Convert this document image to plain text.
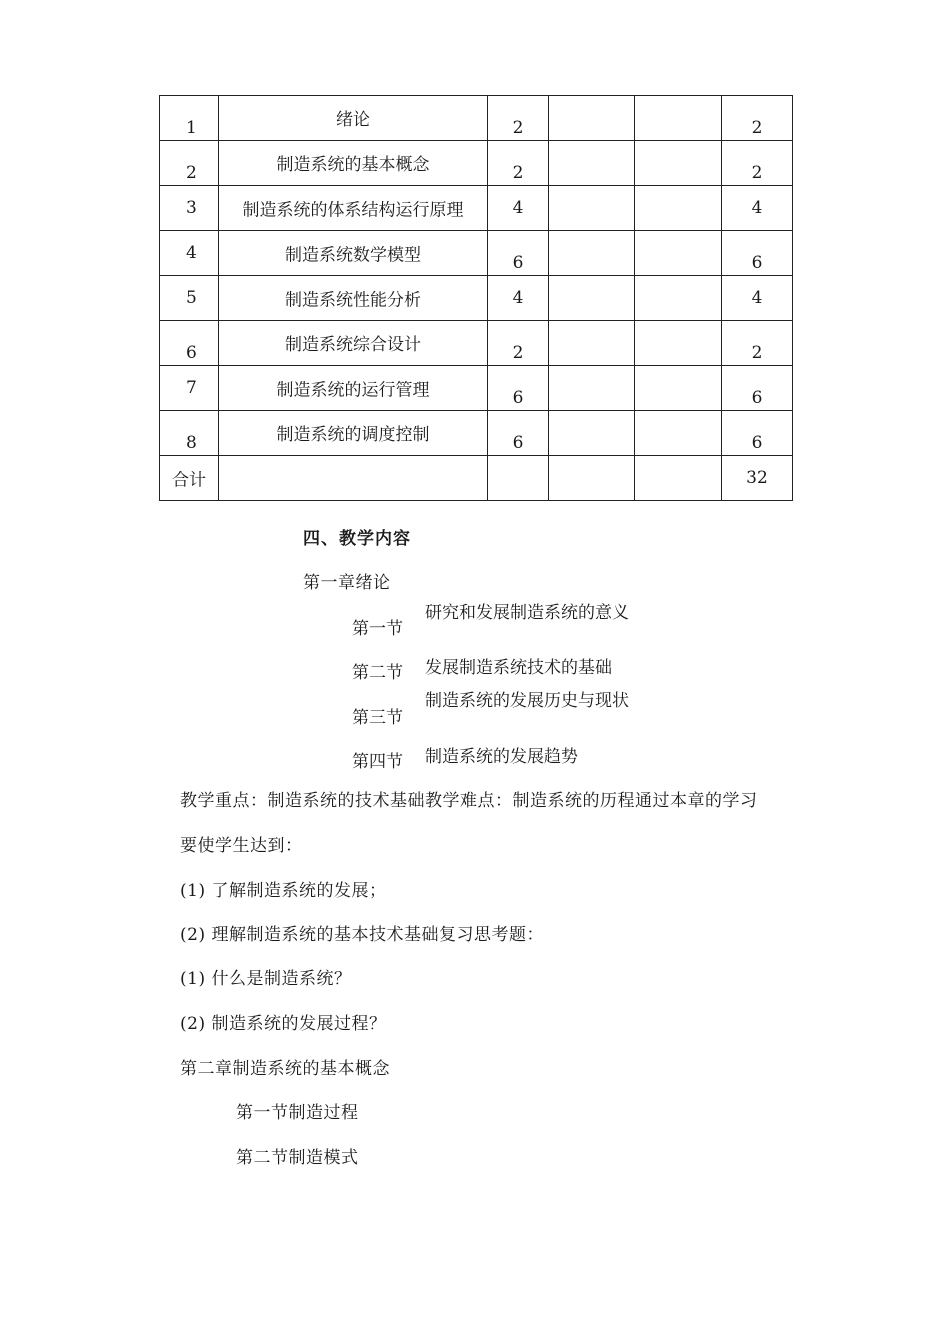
1	绪论	2			2

2	制造系统的基本概念	2			2

3	制造系统的体系结构运行原理	4			4

4	制造系统数学模型	6			6

5	制造系统性能分析	4			4

6	制造系统综合设计	2			2

7	制造系统的运行管理	6			6

8	制造系统的调度控制	6			6

合计					32
四、教学内容
第一章绪论
第一节
研究和发展制造系统的意义
第二节 发展制造系统技术的基础
第三节
制造系统的发展历史与现状
第四节 制造系统的发展趋势
教学重点：制造系统的技术基础教学难点：制造系统的历程通过本章的学习
要使学生达到：
(1) 了解制造系统的发展；
(2) 理解制造系统的基本技术基础复习思考题：
(1) 什么是制造系统？
(2) 制造系统的发展过程？
第二章制造系统的基本概念
第一节制造过程
第二节制造模式
